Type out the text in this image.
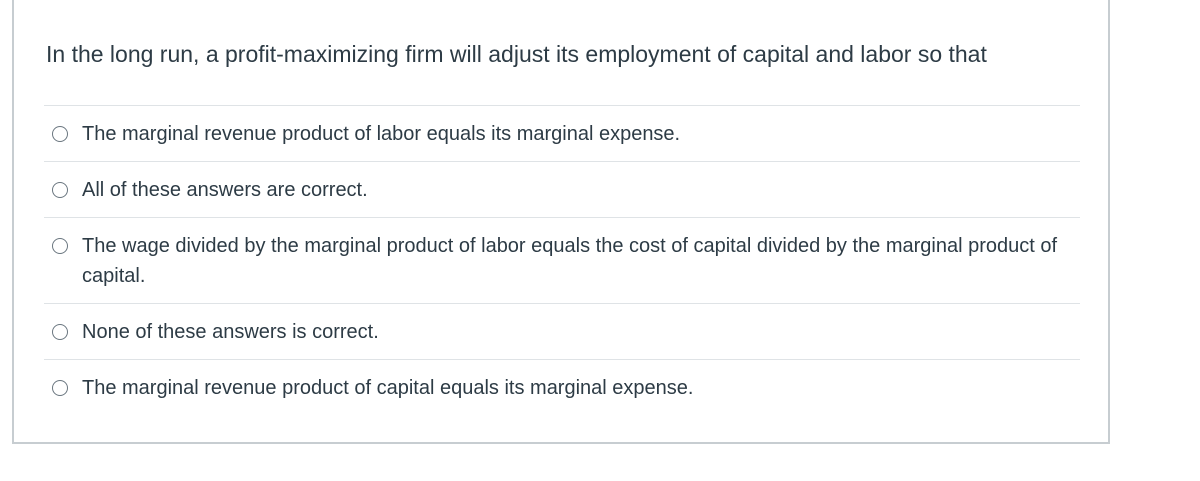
In the long run, a profit-maximizing firm will adjust its employment of capital and labor so that
The marginal revenue product of labor equals its marginal expense.
All of these answers are correct.
The wage divided by the marginal product of labor equals the cost of capital divided by the marginal product of capital.
None of these answers is correct.
The marginal revenue product of capital equals its marginal expense.
